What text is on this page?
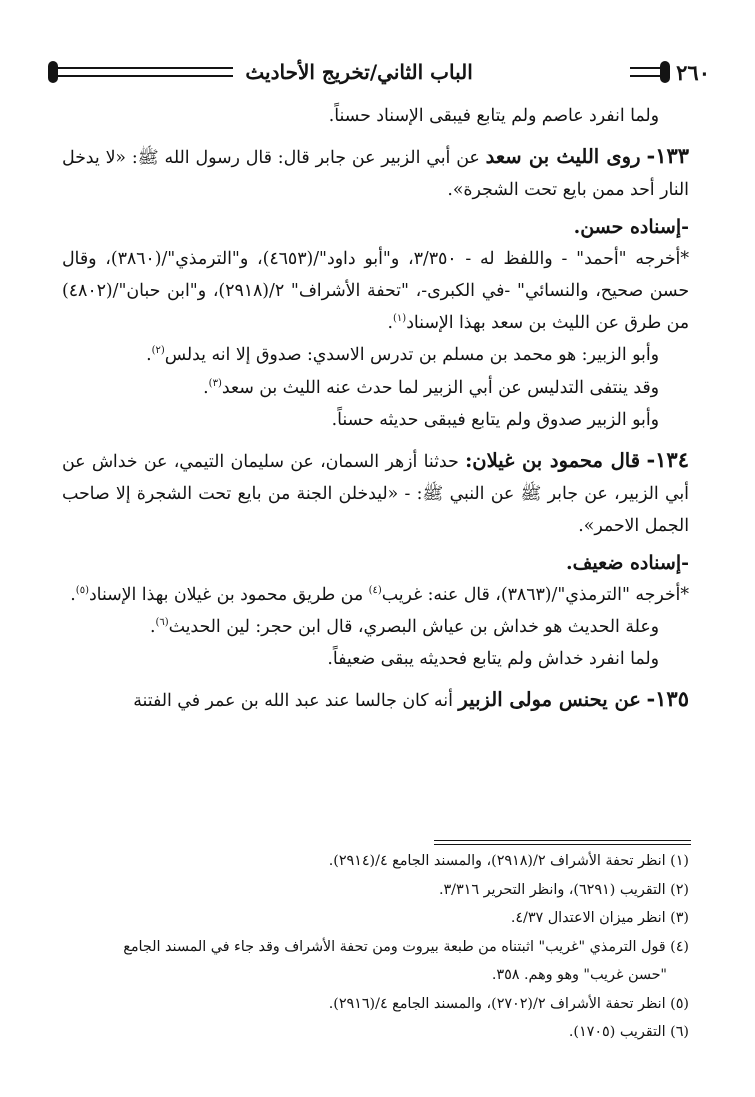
٢٦٠
الباب الثاني/تخريج الأحاديث

ولما انفرد عاصم ولم يتابع فيبقى الإسناد حسناً.

١٣٣- روى الليث بن سعد عن أبي الزبير عن جابر قال: قال رسول الله ﷺ: «لا يدخل النار أحد ممن بايع تحت الشجرة».

-إسناده حسن.

*أخرجه "أحمد" - واللفظ له - ٣/٣٥٠، و"أبو داود"/(٤٦٥٣)، و"الترمذي"/(٣٨٦٠)، وقال حسن صحيح، والنسائي" -في الكبرى-، "تحفة الأشراف" ٢/(٢٩١٨)، و"ابن حبان"/(٤٨٠٢) من طرق عن الليث بن سعد بهذا الإسناد$^{(١)}$.

وأبو الزبير: هو محمد بن مسلم بن تدرس الاسدي: صدوق إلا انه يدلس$^{(٢)}$.

وقد ينتفى التدليس عن أبي الزبير لما حدث عنه الليث بن سعد$^{(٣)}$.

وأبو الزبير صدوق ولم يتابع فيبقى حديثه حسناً.

١٣٤- قال محمود بن غيلان: حدثنا أزهر السمان، عن سليمان التيمي، عن خداش عن أبي الزبير، عن جابر ﷺ عن النبي ﷺ: - «ليدخلن الجنة من بايع تحت الشجرة إلا صاحب الجمل الاحمر».

-إسناده ضعيف.

*أخرجه "الترمذي"/(٣٨٦٣)، قال عنه: غريب$^{(٤)}$ من طريق محمود بن غيلان بهذا الإسناد$^{(٥)}$.

وعلة الحديث هو خداش بن عياش البصري، قال ابن حجر: لين الحديث$^{(٦)}$.

ولما انفرد خداش ولم يتابع فحديثه يبقى ضعيفاً.

١٣٥- عن يحنس مولى الزبير أنه كان جالسا عند عبد الله بن عمر في الفتنة

(١) انظر تحفة الأشراف ٢/(٢٩١٨)، والمسند الجامع ٤/(٢٩١٤).

(٢) التقريب (٦٢٩١)، وانظر التحرير ٣/٣١٦.

(٣) انظر ميزان الاعتدال ٤/٣٧.

(٤) قول الترمذي "غريب" اثبتناه من طبعة بيروت ومن تحفة الأشراف وقد جاء في المسند الجامع

"حسن غريب" وهو وهم. ٣٥٨.

(٥) انظر تحفة الأشراف ٢/(٢٧٠٢)، والمسند الجامع ٤/(٢٩١٦).

(٦) التقريب (١٧٠٥).
